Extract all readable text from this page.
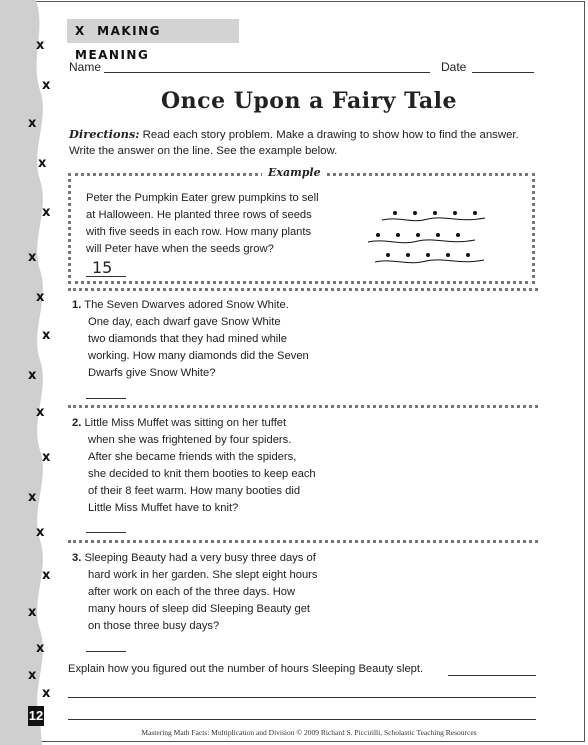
x
x
x
x
x
x
x
x
x
x
x
x
x
x
x
x
x
x
12
X MAKING MEANING
Name	Date
Once Upon a Fairy Tale
Directions: Read each story problem. Make a drawing to show how to find the answer. Write the answer on the line. See the example below.
Example
Peter the Pumpkin Eater grew pumpkins to sell
at Halloween. He planted three rows of seeds
with five seeds in each row. How many plants
will Peter have when the seeds grow?
15
1. The Seven Dwarves adored Snow White.
One day, each dwarf gave Snow White
two diamonds that they had mined while
working. How many diamonds did the Seven
Dwarfs give Snow White?
2. Little Miss Muffet was sitting on her tuffet
when she was frightened by four spiders.
After she became friends with the spiders,
she decided to knit them booties to keep each
of their 8 feet warm. How many booties did
Little Miss Muffet have to knit?
3. Sleeping Beauty had a very busy three days of
hard work in her garden. She slept eight hours
after work on each of the three days. How
many hours of sleep did Sleeping Beauty get
on those three busy days?
Explain how you figured out the number of hours Sleeping Beauty slept.
Mastering Math Facts: Multiplication and Division © 2009 Richard S. Piccirilli, Scholastic Teaching Resources
